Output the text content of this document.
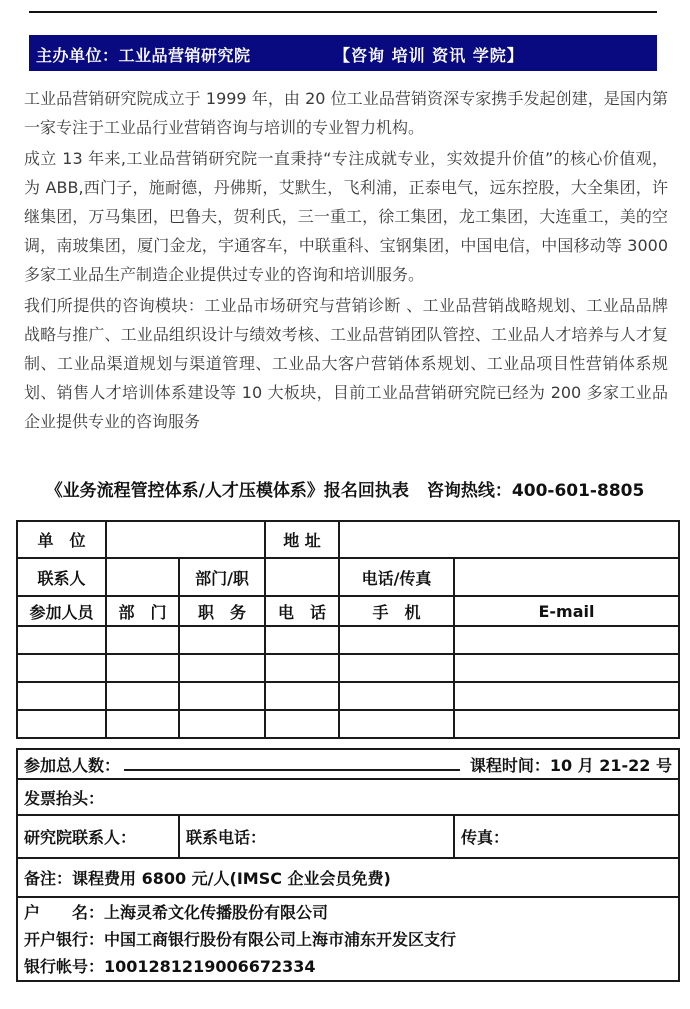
主办单位：工业品营销研究院	【咨询 培训 资讯 学院】

工业品营销研究院成立于 1999 年，由 20 位工业品营销资深专家携手发起创建，是国内第一家专注于工业品行业营销咨询与培训的专业智力机构。

成立 13 年来,工业品营销研究院一直秉持“专注成就专业，实效提升价值”的核心价值观，为 ABB,西门子，施耐德，丹佛斯，艾默生，飞利浦，正泰电气，远东控股，大全集团，许继集团，万马集团，巴鲁夫，贺利氏，三一重工，徐工集团，龙工集团，大连重工，美的空调，南玻集团，厦门金龙，宇通客车，中联重科、宝钢集团，中国电信，中国移动等 3000 多家工业品生产制造企业提供过专业的咨询和培训服务。

我们所提供的咨询模块：工业品市场研究与营销诊断 、工业品营销战略规划、工业品品牌战略与推广、工业品组织设计与绩效考核、工业品营销团队管控、工业品人才培养与人才复制、工业品渠道规划与渠道管理、工业品大客户营销体系规划、工业品项目性营销体系规划、销售人才培训体系建设等 10 大板块，目前工业品营销研究院已经为 200 多家工业品企业提供专业的咨询服务

《业务流程管控体系/人才压模体系》报名回执表 咨询热线：400-601-8805
单　位			地 址		
联系人		部门/职		电话/传真	
参加人员	部　门	职　务	电　话	手　机	E-mail

参加总人数：	课程时间：10 月 21-22 号

发票抬头：
研究院联系人：	联系电话：	传真：
备注：课程费用 6800 元/人(IMSC 企业会员免费)

户　　名：上海灵希文化传播股份有限公司
开户银行：中国工商银行股份有限公司上海市浦东开发区支行
银行帐号：1001281219006672334
